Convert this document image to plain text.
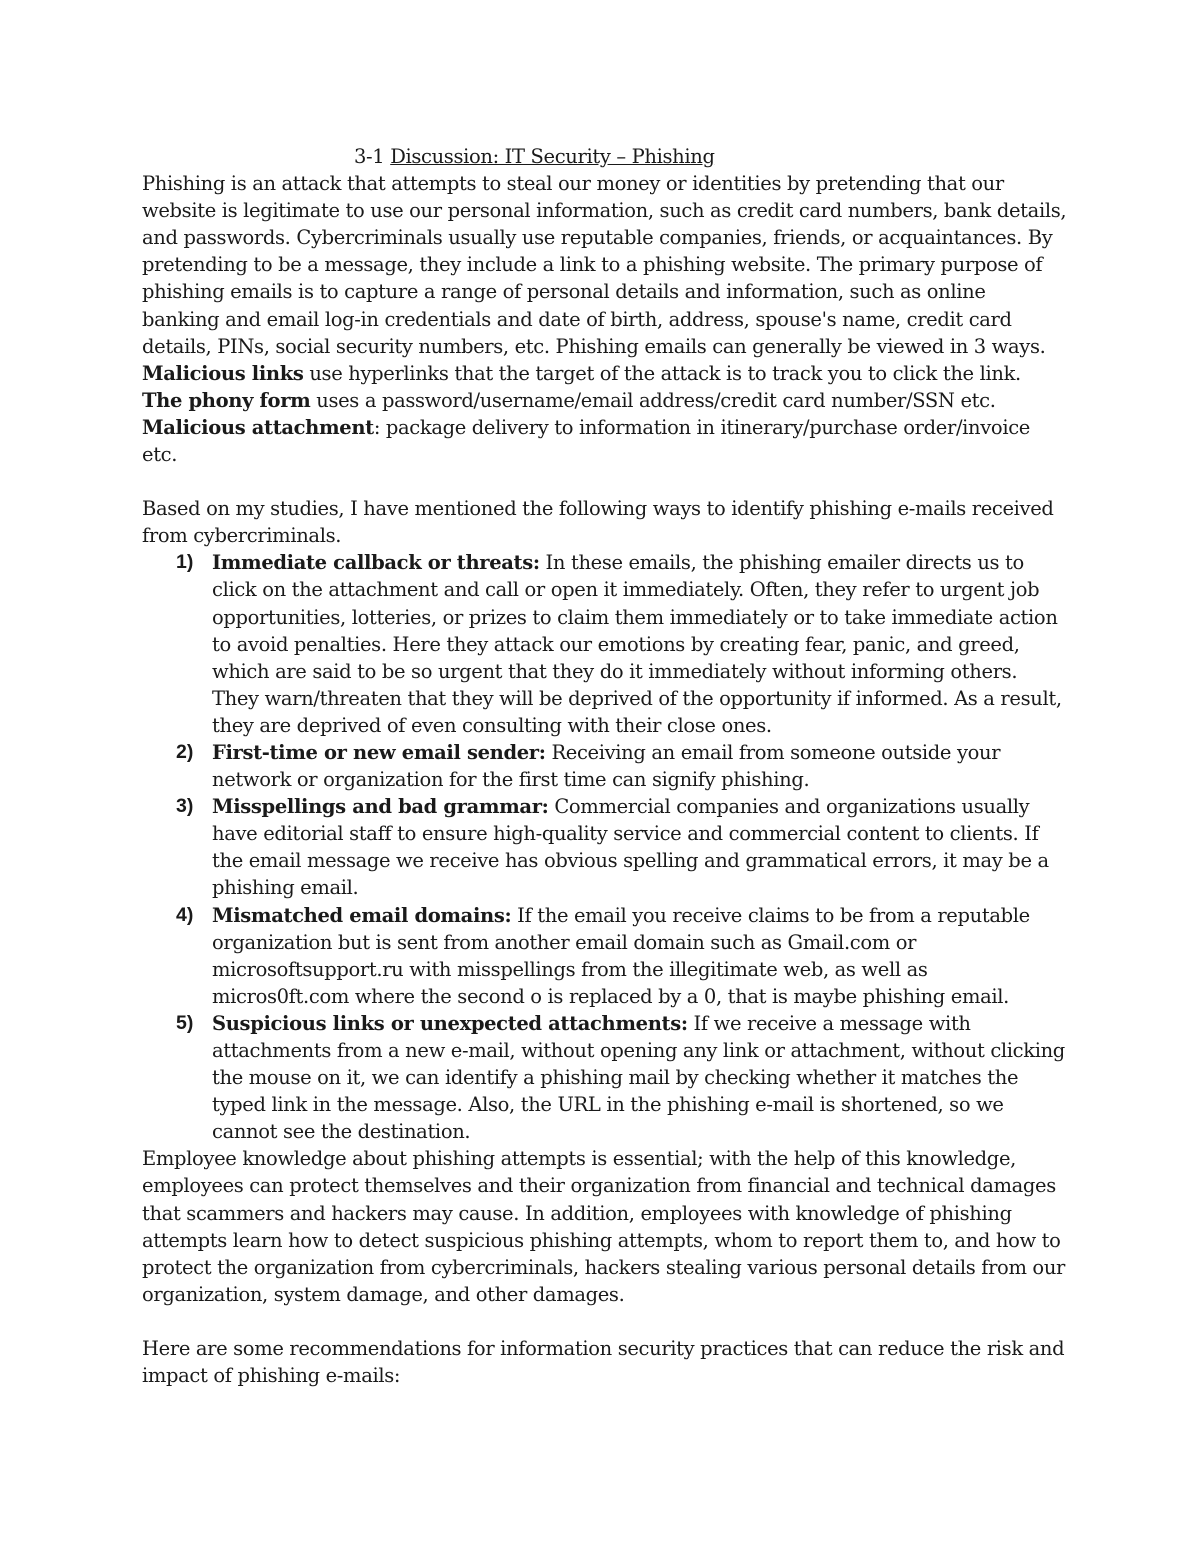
3-1 Discussion: IT Security – Phishing

Phishing is an attack that attempts to steal our money or identities by pretending that our website is legitimate to use our personal information, such as credit card numbers, bank details, and passwords. Cybercriminals usually use reputable companies, friends, or acquaintances. By pretending to be a message, they include a link to a phishing website. The primary purpose of phishing emails is to capture a range of personal details and information, such as online banking and email log-in credentials and date of birth, address, spouse's name, credit card details, PINs, social security numbers, etc. Phishing emails can generally be viewed in 3 ways.

Malicious links use hyperlinks that the target of the attack is to track you to click the link.

The phony form uses a password/username/email address/credit card number/SSN etc.

Malicious attachment: package delivery to information in itinerary/purchase order/invoice etc.

Based on my studies, I have mentioned the following ways to identify phishing e-mails received from cybercriminals.

1) Immediate callback or threats: In these emails, the phishing emailer directs us to click on the attachment and call or open it immediately. Often, they refer to urgent job opportunities, lotteries, or prizes to claim them immediately or to take immediate action to avoid penalties. Here they attack our emotions by creating fear, panic, and greed, which are said to be so urgent that they do it immediately without informing others. They warn/threaten that they will be deprived of the opportunity if informed. As a result, they are deprived of even consulting with their close ones.
2) First-time or new email sender: Receiving an email from someone outside your network or organization for the first time can signify phishing.
3) Misspellings and bad grammar: Commercial companies and organizations usually have editorial staff to ensure high-quality service and commercial content to clients. If the email message we receive has obvious spelling and grammatical errors, it may be a phishing email.
4) Mismatched email domains: If the email you receive claims to be from a reputable organization but is sent from another email domain such as Gmail.com or microsoftsupport.ru with misspellings from the illegitimate web, as well as micros0ft.com where the second o is replaced by a 0, that is maybe phishing email.
5) Suspicious links or unexpected attachments: If we receive a message with attachments from a new e-mail, without opening any link or attachment, without clicking the mouse on it, we can identify a phishing mail by checking whether it matches the typed link in the message. Also, the URL in the phishing e-mail is shortened, so we cannot see the destination.

Employee knowledge about phishing attempts is essential; with the help of this knowledge, employees can protect themselves and their organization from financial and technical damages that scammers and hackers may cause. In addition, employees with knowledge of phishing attempts learn how to detect suspicious phishing attempts, whom to report them to, and how to protect the organization from cybercriminals, hackers stealing various personal details from our organization, system damage, and other damages.

Here are some recommendations for information security practices that can reduce the risk and impact of phishing e-mails:
